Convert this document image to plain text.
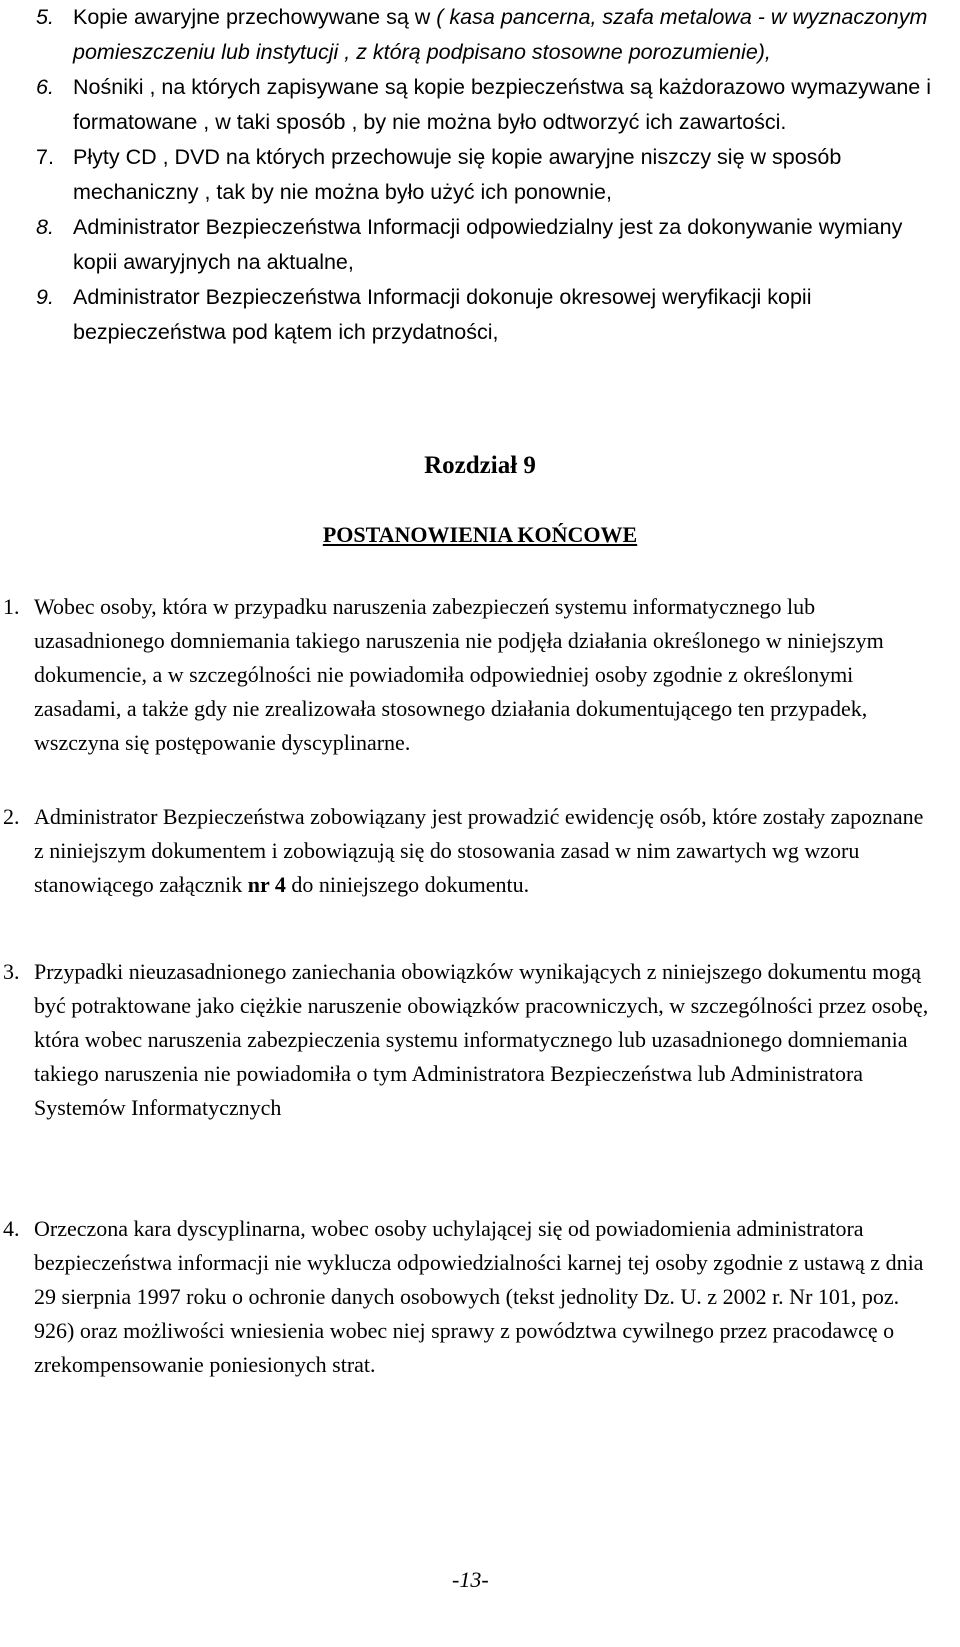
5. Kopie awaryjne przechowywane są w ( kasa pancerna, szafa metalowa - w wyznaczonym pomieszczeniu lub instytucji , z którą podpisano stosowne porozumienie),
6. Nośniki , na których zapisywane są kopie bezpieczeństwa są każdorazowo wymazywane i formatowane , w taki sposób , by nie można było odtworzyć ich zawartości.
7. Płyty CD , DVD na których przechowuje się kopie awaryjne niszczy się w sposób mechaniczny , tak by nie można było użyć ich ponownie,
8. Administrator Bezpieczeństwa Informacji odpowiedzialny jest za dokonywanie wymiany kopii awaryjnych na aktualne,
9. Administrator Bezpieczeństwa Informacji dokonuje okresowej weryfikacji kopii bezpieczeństwa pod kątem ich przydatności,
Rozdział 9
POSTANOWIENIA KOŃCOWE
1. Wobec osoby, która w przypadku naruszenia zabezpieczeń systemu informatycznego lub uzasadnionego domniemania takiego naruszenia nie podjęła działania określonego w niniejszym dokumencie, a w szczególności nie powiadomiła odpowiedniej osoby zgodnie z określonymi zasadami, a także gdy nie zrealizowała stosownego działania dokumentującego ten przypadek, wszczyna się postępowanie dyscyplinarne.
2. Administrator Bezpieczeństwa zobowiązany jest prowadzić ewidencję osób, które zostały zapoznane z niniejszym dokumentem i zobowiązują się do stosowania zasad w nim zawartych wg wzoru stanowiącego załącznik nr 4 do niniejszego dokumentu.
3. Przypadki nieuzasadnionego zaniechania obowiązków wynikających z niniejszego dokumentu mogą być potraktowane jako ciężkie naruszenie obowiązków pracowniczych, w szczególności przez osobę, która wobec naruszenia zabezpieczenia systemu informatycznego lub uzasadnionego domniemania takiego naruszenia nie powiadomiła o tym Administratora Bezpieczeństwa lub Administratora Systemów Informatycznych
4. Orzeczona kara dyscyplinarna, wobec osoby uchylającej się od powiadomienia administratora bezpieczeństwa informacji nie wyklucza odpowiedzialności karnej tej osoby zgodnie z ustawą z dnia 29 sierpnia 1997 roku o ochronie danych osobowych (tekst jednolity Dz. U. z 2002 r. Nr 101, poz. 926) oraz możliwości wniesienia wobec niej sprawy z powództwa cywilnego przez pracodawcę o zrekompensowanie poniesionych strat.
-13-
